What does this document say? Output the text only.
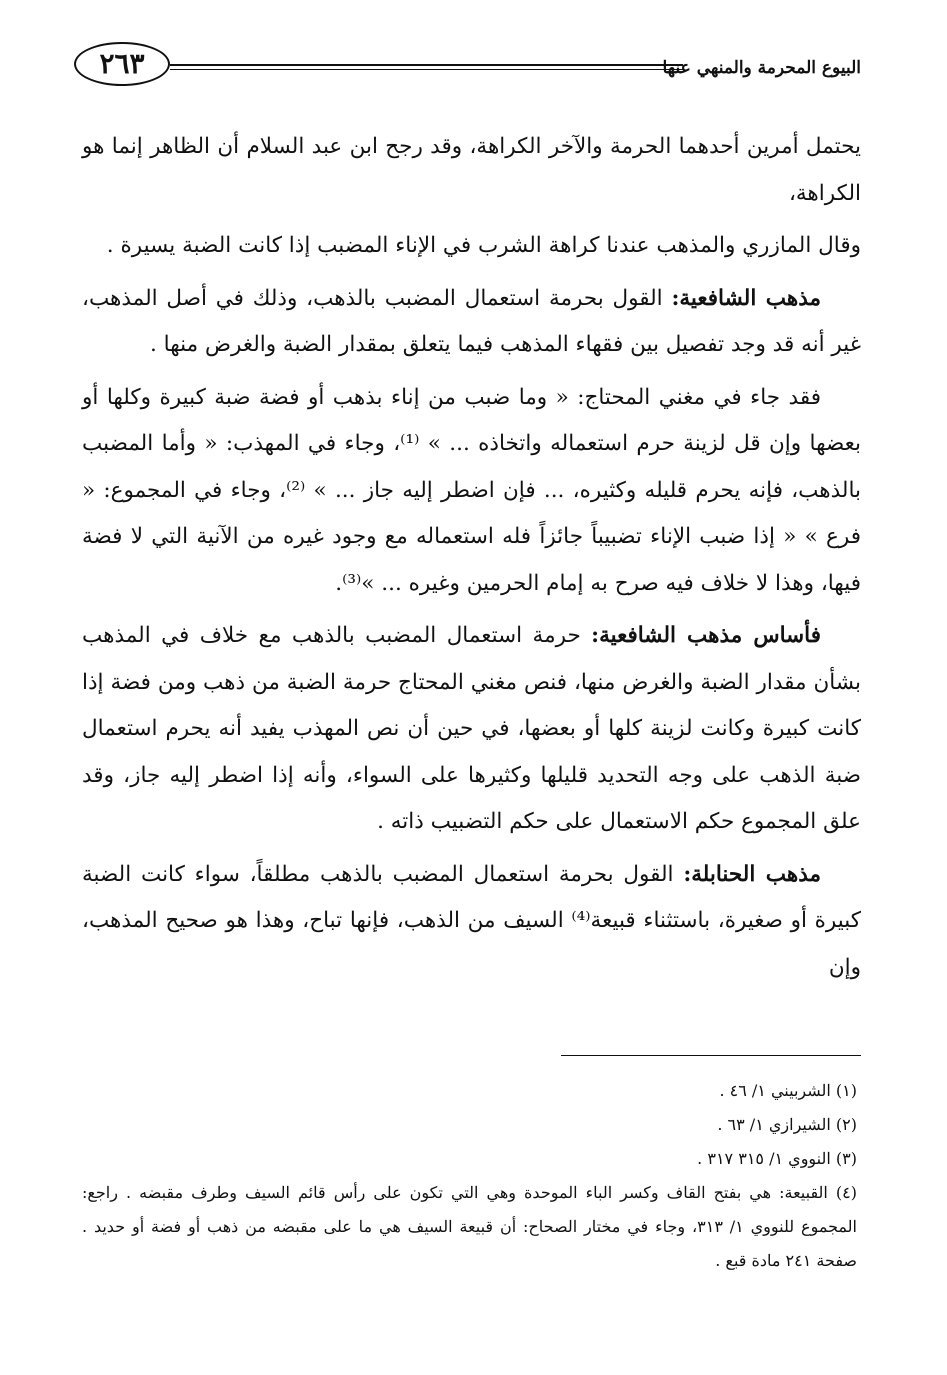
٢٦٣	البيوع المحرمة والمنهي عنها

يحتمل أمرين أحدهما الحرمة والآخر الكراهة، وقد رجح ابن عبد السلام أن الظاهر إنما هو الكراهة،

وقال المازري والمذهب عندنا كراهة الشرب في الإناء المضبب إذا كانت الضبة يسيرة .

مذهب الشافعية: القول بحرمة استعمال المضبب بالذهب، وذلك في أصل المذهب، غير أنه قد وجد تفصيل بين فقهاء المذهب فيما يتعلق بمقدار الضبة والغرض منها .

فقد جاء في مغني المحتاج: « وما ضبب من إناء بذهب أو فضة ضبة كبيرة وكلها أو بعضها وإن قل لزينة حرم استعماله واتخاذه ... » ⁽¹⁾، وجاء في المهذب: « وأما المضبب بالذهب، فإنه يحرم قليله وكثيره، ... فإن اضطر إليه جاز ... » ⁽²⁾، وجاء في المجموع: « فرع » « إذا ضبب الإناء تضبيباً جائزاً فله استعماله مع وجود غيره من الآنية التي لا فضة فيها، وهذا لا خلاف فيه صرح به إمام الحرمين وغيره ... »⁽³⁾.

فأساس مذهب الشافعية: حرمة استعمال المضبب بالذهب مع خلاف في المذهب بشأن مقدار الضبة والغرض منها، فنص مغني المحتاج حرمة الضبة من ذهب ومن فضة إذا كانت كبيرة وكانت لزينة كلها أو بعضها، في حين أن نص المهذب يفيد أنه يحرم استعمال ضبة الذهب على وجه التحديد قليلها وكثيرها على السواء، وأنه إذا اضطر إليه جاز، وقد علق المجموع حكم الاستعمال على حكم التضبيب ذاته .

مذهب الحنابلة: القول بحرمة استعمال المضبب بالذهب مطلقاً، سواء كانت الضبة كبيرة أو صغيرة، باستثناء قبيعة⁽⁴⁾ السيف من الذهب، فإنها تباح، وهذا هو صحيح المذهب، وإن

(١) الشربيني ١/ ٤٦ .

(٢) الشيرازي ١/ ٦٣ .

(٣) النووي ١/ ٣١٥ ٣١٧ .

(٤) القبيعة: هي بفتح القاف وكسر الباء الموحدة وهي التي تكون على رأس قائم السيف وطرف مقبضه . راجع: المجموع للنووي ١/ ٣١٣، وجاء في مختار الصحاح: أن قبيعة السيف هي ما على مقبضه من ذهب أو فضة أو حديد . صفحة ٢٤١ مادة قبع .
